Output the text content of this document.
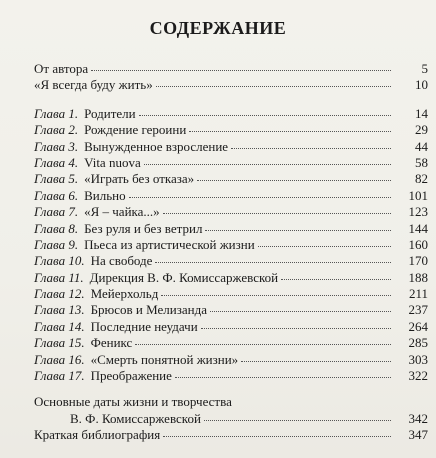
СОДЕРЖАНИЕ
От автора	5
«Я всегда буду жить»	10
Глава 1. Родители	14
Глава 2. Рождение героини	29
Глава 3. Вынужденное взросление	44
Глава 4. Vita nuova	58
Глава 5. «Играть без отказа»	82
Глава 6. Вильно	101
Глава 7. «Я – чайка...»	123
Глава 8. Без руля и без ветрил	144
Глава 9. Пьеса из артистической жизни	160
Глава 10. На свободе	170
Глава 11. Дирекция В. Ф. Комиссаржевской	188
Глава 12. Мейерхольд	211
Глава 13. Брюсов и Мелизанда	237
Глава 14. Последние неудачи	264
Глава 15. Феникс	285
Глава 16. «Смерть понятной жизни»	303
Глава 17. Преображение	322
Основные даты жизни и творчества
В. Ф. Комиссаржевской	342
Краткая библиография	347
